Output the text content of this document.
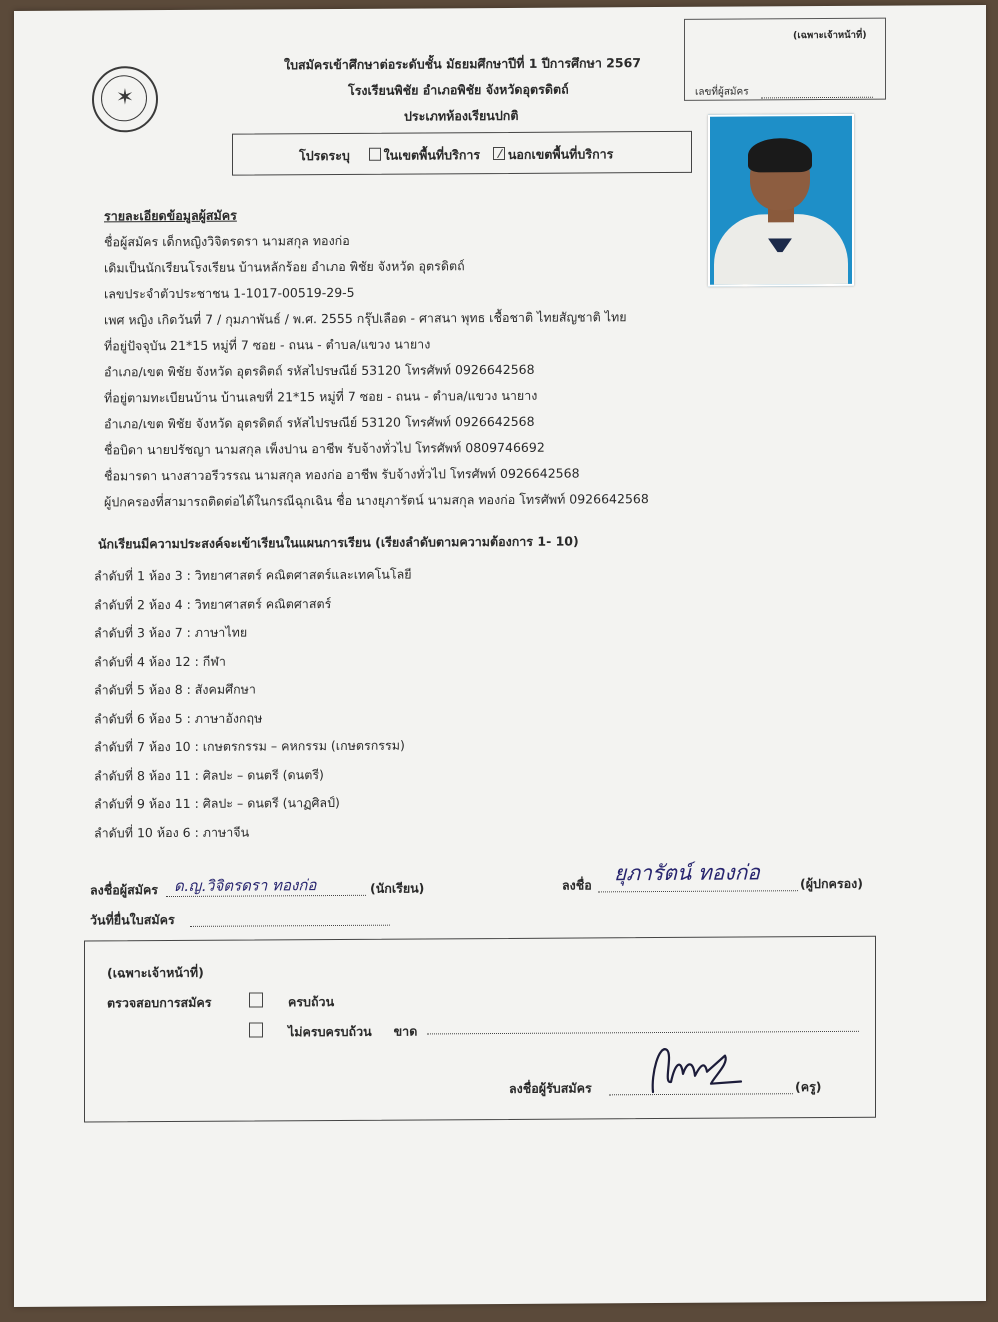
✶
ใบสมัครเข้าศึกษาต่อระดับชั้น มัธยมศึกษาปีที่ 1 ปีการศึกษา 2567
โรงเรียนพิชัย อำเภอพิชัย จังหวัดอุตรดิตถ์
ประเภทห้องเรียนปกติ
(เฉพาะเจ้าหน้าที่)
เลขที่ผู้สมัคร
โปรดระบุ	ในเขตพื้นที่บริการ นอกเขตพื้นที่บริการ
รายละเอียดข้อมูลผู้สมัคร
ชื่อผู้สมัคร เด็กหญิงวิจิตรดรา นามสกุล ทองก่อ
เดิมเป็นนักเรียนโรงเรียน บ้านหลักร้อย อำเภอ พิชัย จังหวัด อุตรดิตถ์
เลขประจำตัวประชาชน 1-1017-00519-29-5
เพศ หญิง เกิดวันที่ 7 / กุมภาพันธ์ / พ.ศ. 2555 กรุ๊ปเลือด - ศาสนา พุทธ เชื้อชาติ ไทยสัญชาติ ไทย
ที่อยู่ปัจจุบัน 21*15 หมู่ที่ 7 ซอย - ถนน - ตำบล/แขวง นายาง
อำเภอ/เขต พิชัย จังหวัด อุตรดิตถ์ รหัสไปรษณีย์ 53120 โทรศัพท์ 0926642568
ที่อยู่ตามทะเบียนบ้าน บ้านเลขที่ 21*15 หมู่ที่ 7 ซอย - ถนน - ตำบล/แขวง นายาง
อำเภอ/เขต พิชัย จังหวัด อุตรดิตถ์ รหัสไปรษณีย์ 53120 โทรศัพท์ 0926642568
ชื่อบิดา นายปรัชญา นามสกุล เพ็งปาน อาชีพ รับจ้างทั่วไป โทรศัพท์ 0809746692
ชื่อมารดา นางสาวอรีวรรณ นามสกุล ทองก่อ อาชีพ รับจ้างทั่วไป โทรศัพท์ 0926642568
ผู้ปกครองที่สามารถติดต่อได้ในกรณีฉุกเฉิน ชื่อ นางยุภารัตน์ นามสกุล ทองก่อ โทรศัพท์ 0926642568
นักเรียนมีความประสงค์จะเข้าเรียนในแผนการเรียน (เรียงลำดับตามความต้องการ 1- 10)
ลำดับที่ 1 ห้อง 3 : วิทยาศาสตร์ คณิตศาสตร์และเทคโนโลยี
ลำดับที่ 2 ห้อง 4 : วิทยาศาสตร์ คณิตศาสตร์
ลำดับที่ 3 ห้อง 7 : ภาษาไทย
ลำดับที่ 4 ห้อง 12 : กีฬา
ลำดับที่ 5 ห้อง 8 : สังคมศึกษา
ลำดับที่ 6 ห้อง 5 : ภาษาอังกฤษ
ลำดับที่ 7 ห้อง 10 : เกษตรกรรม – คหกรรม (เกษตรกรรม)
ลำดับที่ 8 ห้อง 11 : ศิลปะ – ดนตรี (ดนตรี)
ลำดับที่ 9 ห้อง 11 : ศิลปะ – ดนตรี (นาฏศิลป์)
ลำดับที่ 10 ห้อง 6 : ภาษาจีน
ลงชื่อผู้สมัคร ด.ญ.วิจิตรดรา ทองก่อ	(นักเรียน)	ลงชื่อ ยุภารัตน์ ทองก่อ	(ผู้ปกครอง)
วันที่ยื่นใบสมัคร
(เฉพาะเจ้าหน้าที่)
ตรวจสอบการสมัคร	ครบถ้วน
ไม่ครบครบถ้วน ขาด
ลงชื่อผู้รับสมัคร	(ครู)
